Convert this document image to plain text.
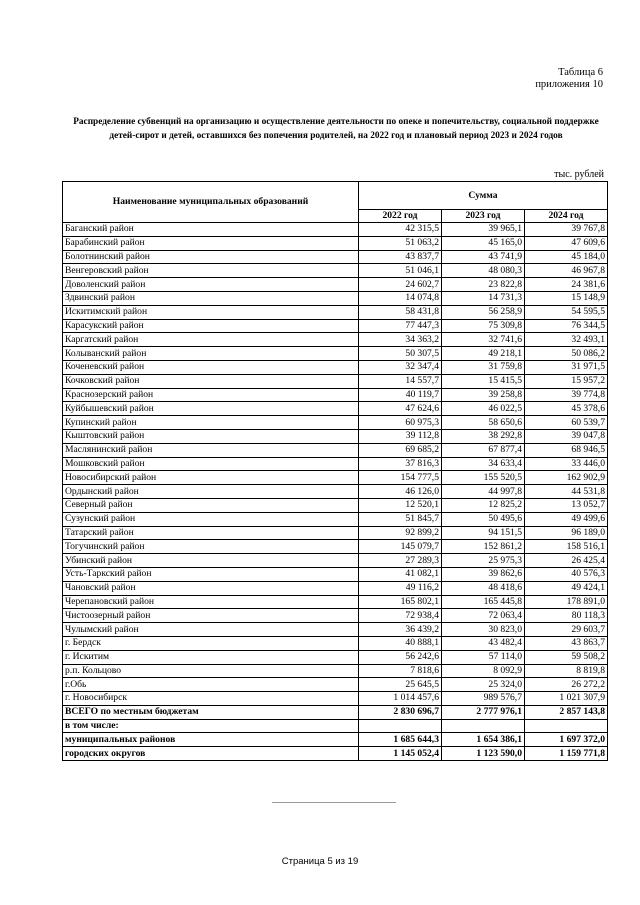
Таблица 6
приложения 10
Распределение субвенций на организацию и осуществление деятельности по опеке и попечительству, социальной поддержке детей-сирот и детей, оставшихся без попечения родителей, на 2022 год и плановый период 2023 и 2024 годов
тыс. рублей
Наименование муниципальных образований	Сумма		
	2022 год	2023 год	2024 год
Баганский район	42 315,5	39 965,1	39 767,8
Барабинский район	51 063,2	45 165,0	47 609,6
Болотнинский район	43 837,7	43 741,9	45 184,0
Венгеровский район	51 046,1	48 080,3	46 967,8
Доволенский район	24 602,7	23 822,8	24 381,6
Здвинский район	14 074,8	14 731,3	15 148,9
Искитимский район	58 431,8	56 258,9	54 595,5
Карасукский район	77 447,3	75 309,8	76 344,5
Каргатский район	34 363,2	32 741,6	32 493,1
Колыванский район	50 307,5	49 218,1	50 086,2
Коченевский район	32 347,4	31 759,8	31 971,5
Кочковский район	14 557,7	15 415,5	15 957,2
Краснозерский район	40 119,7	39 258,8	39 774,8
Куйбышевский район	47 624,6	46 022,5	45 378,6
Купинский район	60 975,3	58 650,6	60 539,7
Кыштовский район	39 112,8	38 292,8	39 047,8
Маслянинский район	69 685,2	67 877,4	68 946,5
Мошковский район	37 816,3	34 633,4	33 446,0
Новосибирский район	154 777,5	155 520,5	162 902,9
Ордынский район	46 126,0	44 997,8	44 531,8
Северный район	12 520,1	12 825,2	13 052,7
Сузунский район	51 845,7	50 495,6	49 499,6
Татарский район	92 899,2	94 151,5	96 189,0
Тогучинский район	145 079,7	152 861,2	158 516,1
Убинский район	27 289,3	25 975,3	26 425,4
Усть-Таркский район	41 082,1	39 862,6	40 576,3
Чановский район	49 116,2	48 418,6	49 424,1
Черепановский район	165 802,1	165 445,8	178 891,0
Чистоозерный район	72 938,4	72 063,4	80 118,3
Чулымский район	36 439,2	30 823,0	29 603,7
г. Бердск	40 888,1	43 482,4	43 863,7
г. Искитим	56 242,6	57 114,0	59 508,2
р.п. Кольцово	7 818,6	8 092,9	8 819,8
г.Обь	25 645,5	25 324,0	26 272,2
г. Новосибирск	1 014 457,6	989 576,7	1 021 307,9
ВСЕГО по местным бюджетам	2 830 696,7	2 777 976,1	2 857 143,8
в том числе:			
муниципальных районов	1 685 644,3	1 654 386,1	1 697 372,0
городских округов	1 145 052,4	1 123 590,0	1 159 771,8
Страница 5 из 19
